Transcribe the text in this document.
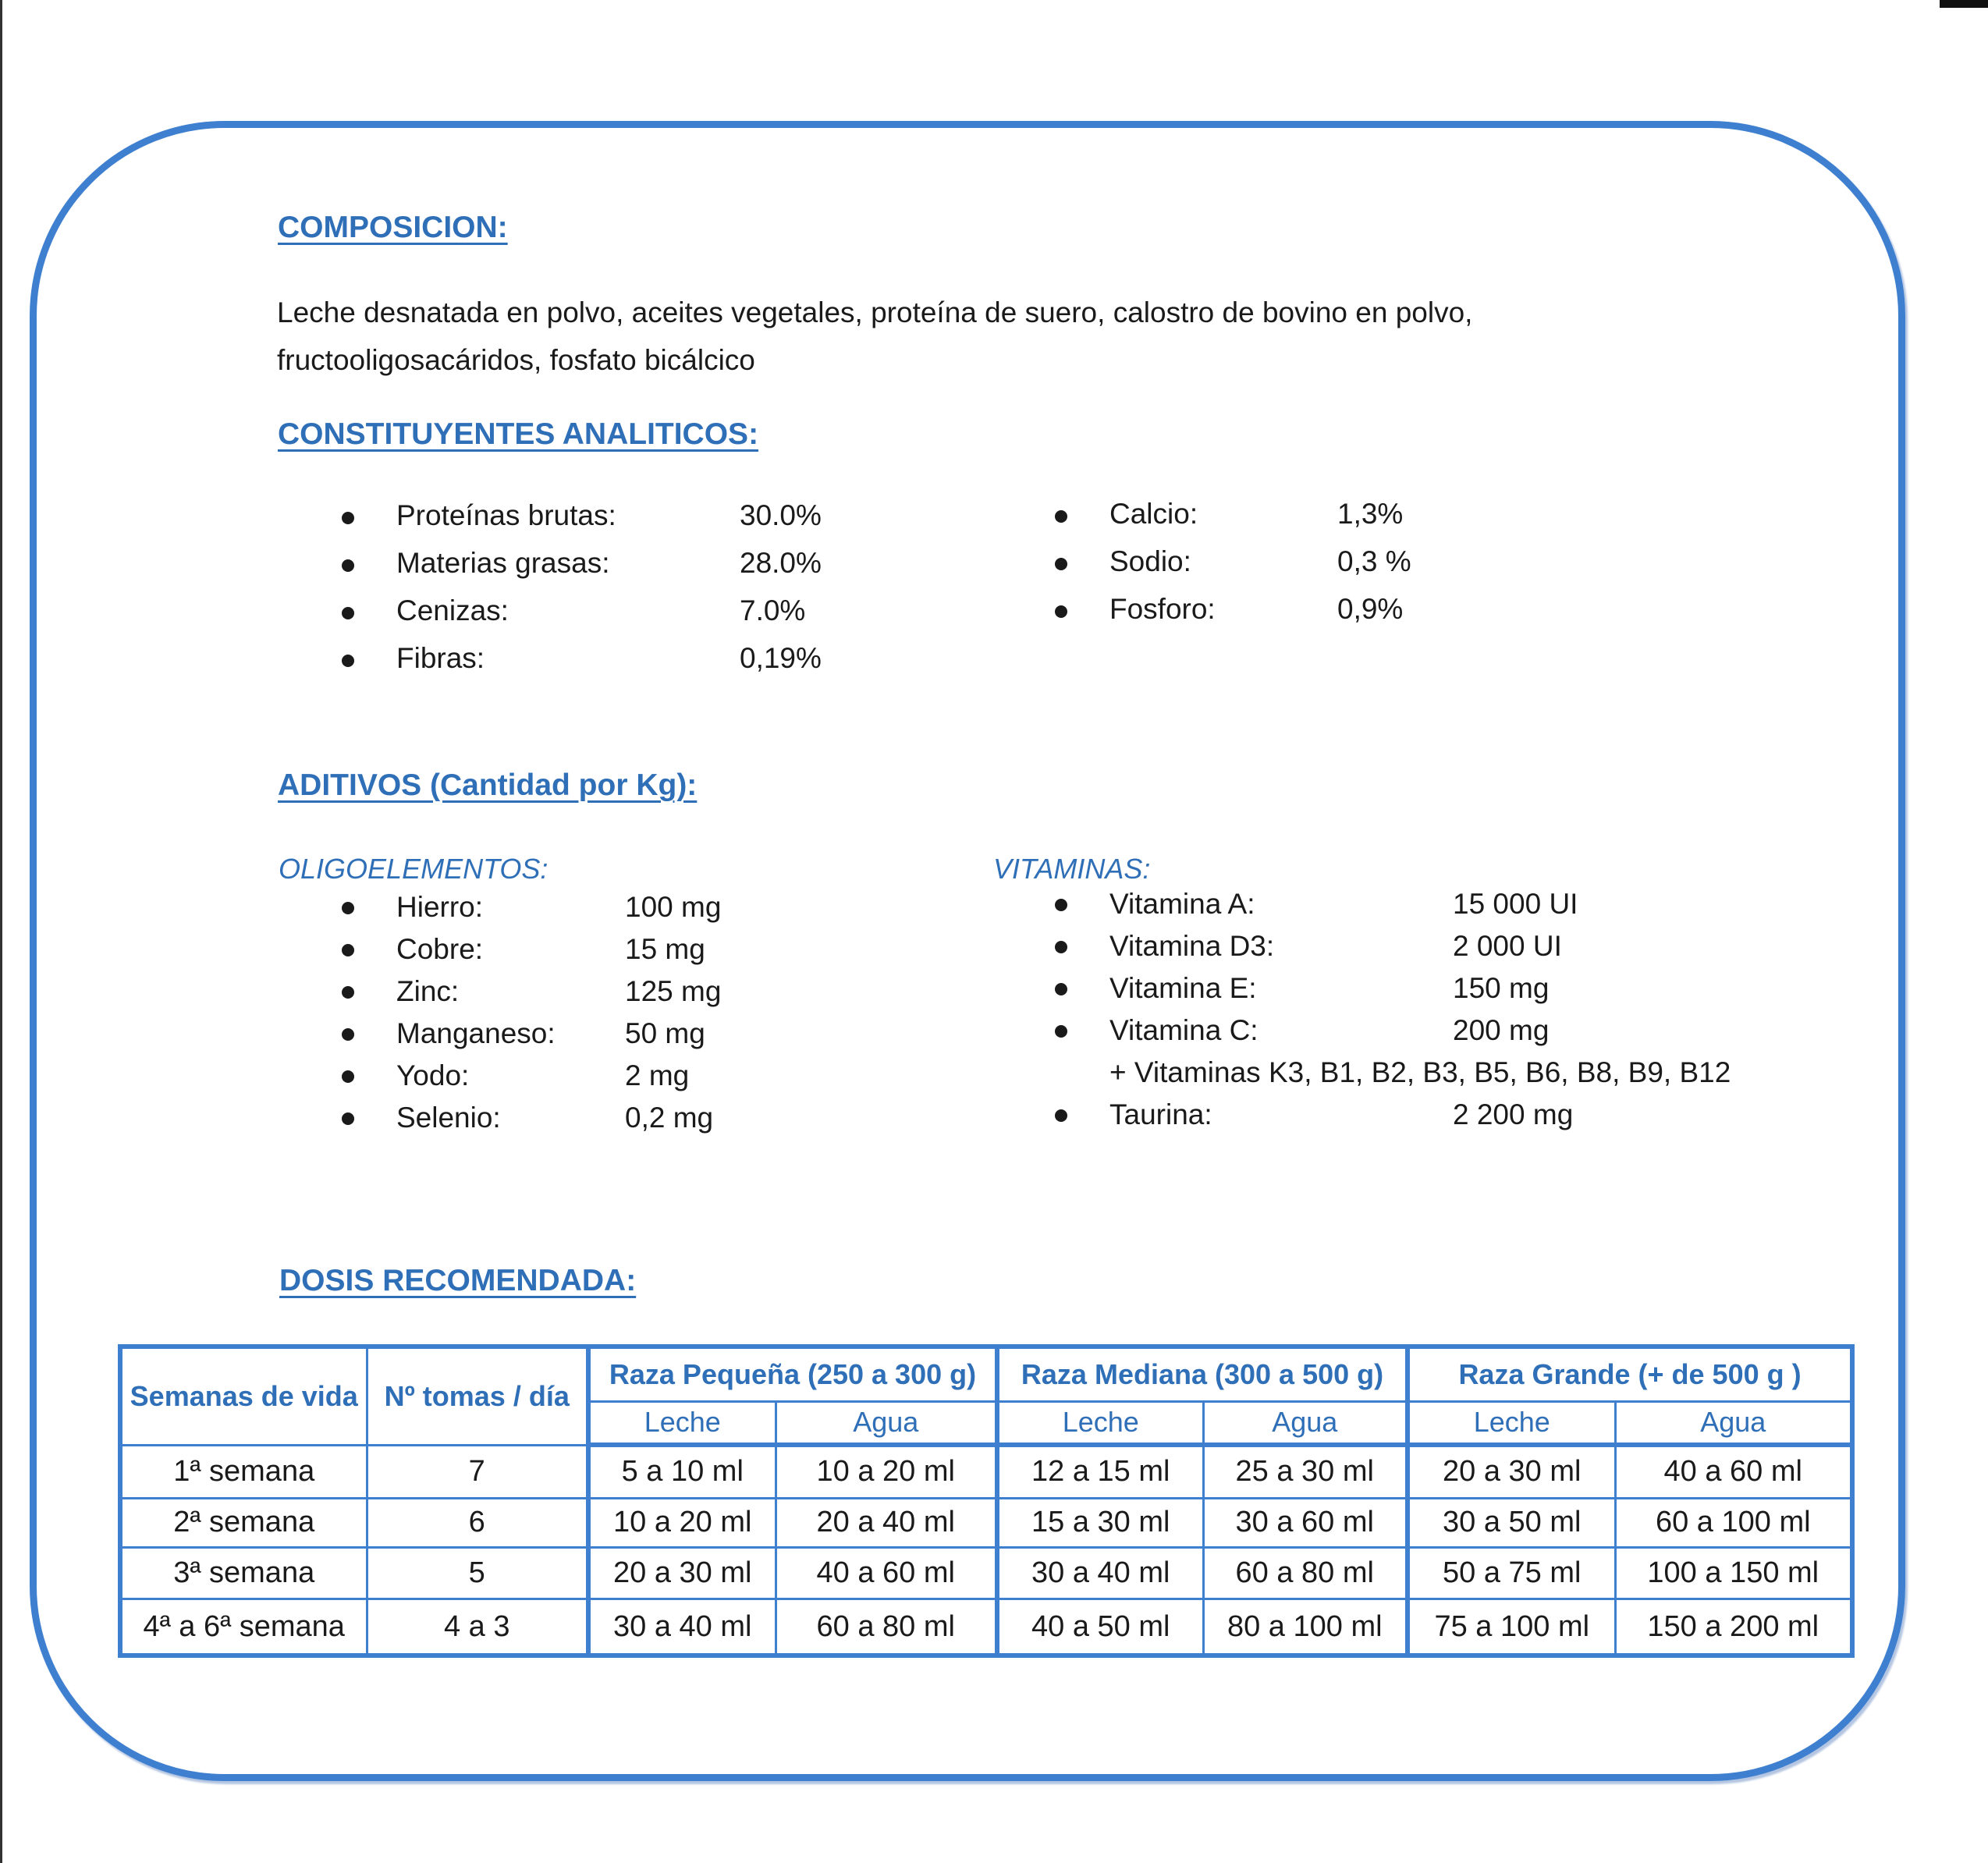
COMPOSICION:

Leche desnatada en polvo, aceites vegetales, proteína de suero, calostro de bovino en polvo,
fructooligosacáridos, fosfato bicálcico

CONSTITUYENTES ANALITICOS:
Proteínas brutas:	30.0%
Materias grasas:	28.0%
Cenizas:	7.0%
Fibras:	0,19%
Calcio:	1,3%
Sodio:	0,3 %
Fosforo:	0,9%
ADITIVOS (Cantidad por Kg):

OLIGOELEMENTOS:

Hierro:	100 mg
Cobre:	15 mg
Zinc:	125 mg
Manganeso: 50 mg
Yodo:	2 mg
Selenio:	0,2 mg

VITAMINAS:

Vitamina A:	15 000 UI
Vitamina D3:	2 000 UI
Vitamina E:	150 mg
Vitamina C:	200 mg
+ Vitaminas K3, B1, B2, B3, B5, B6, B8, B9, B12
Taurina:	2 200 mg
DOSIS RECOMENDADA:
Semanas de vida	Nº tomas / día	Raza Pequeña (250 a 300 g)		Raza Mediana (300 a 500 g)		Raza Grande (+ de 500 g )	
		Leche	Agua	Leche	Agua	Leche	Agua
1ª semana	7	5 a 10 ml	10 a 20 ml	12 a 15 ml	25 a 30 ml	20 a 30 ml	40 a 60 ml
2ª semana	6	10 a 20 ml	20 a 40 ml	15 a 30 ml	30 a 60 ml	30 a 50 ml	60 a 100 ml
3ª semana	5	20 a 30 ml	40 a 60 ml	30 a 40 ml	60 a 80 ml	50 a 75 ml	100 a 150 ml
4ª a 6ª semana	4 a 3	30 a 40 ml	60 a 80 ml	40 a 50 ml	80 a 100 ml	75 a 100 ml	150 a 200 ml
